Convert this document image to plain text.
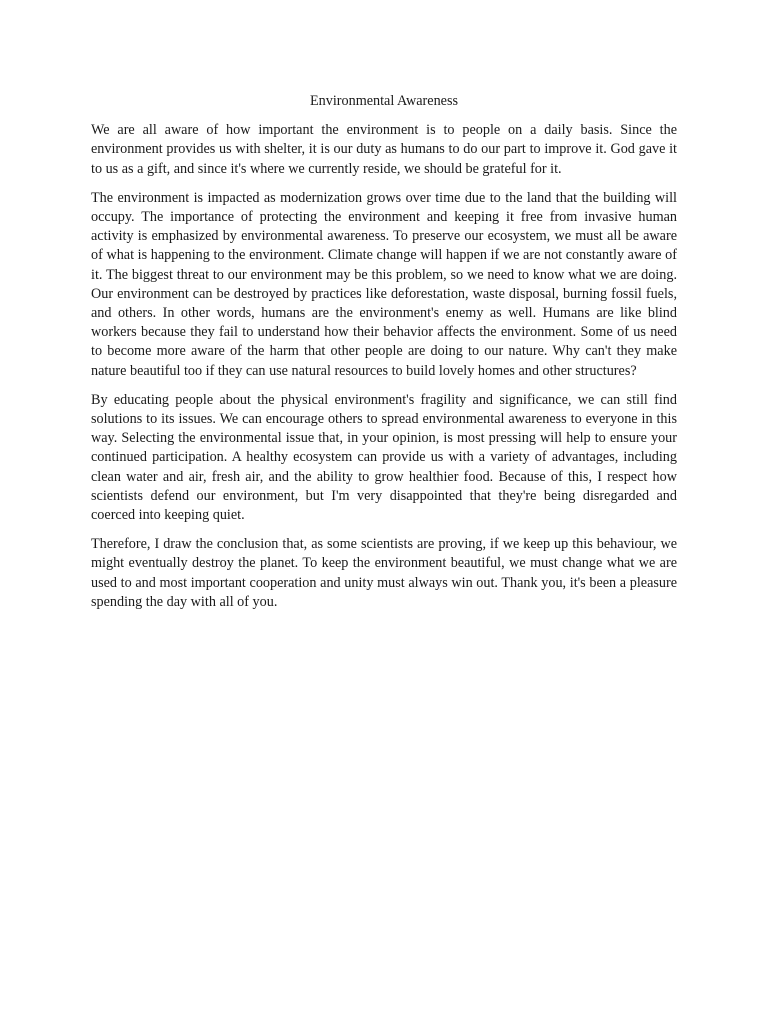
Environmental Awareness

We are all aware of how important the environment is to people on a daily basis. Since the environment provides us with shelter, it is our duty as humans to do our part to improve it. God gave it to us as a gift, and since it's where we currently reside, we should be grateful for it.

The environment is impacted as modernization grows over time due to the land that the building will occupy. The importance of protecting the environment and keeping it free from invasive human activity is emphasized by environmental awareness. To preserve our ecosystem, we must all be aware of what is happening to the environment. Climate change will happen if we are not constantly aware of it. The biggest threat to our environment may be this problem, so we need to know what we are doing. Our environment can be destroyed by practices like deforestation, waste disposal, burning fossil fuels, and others. In other words, humans are the environment's enemy as well. Humans are like blind workers because they fail to understand how their behavior affects the environment. Some of us need to become more aware of the harm that other people are doing to our nature. Why can't they make nature beautiful too if they can use natural resources to build lovely homes and other structures?

By educating people about the physical environment's fragility and significance, we can still find solutions to its issues. We can encourage others to spread environmental awareness to everyone in this way. Selecting the environmental issue that, in your opinion, is most pressing will help to ensure your continued participation. A healthy ecosystem can provide us with a variety of advantages, including clean water and air, fresh air, and the ability to grow healthier food. Because of this, I respect how scientists defend our environment, but I'm very disappointed that they're being disregarded and coerced into keeping quiet.

Therefore, I draw the conclusion that, as some scientists are proving, if we keep up this behaviour, we might eventually destroy the planet. To keep the environment beautiful, we must change what we are used to and most important cooperation and unity must always win out. Thank you, it's been a pleasure spending the day with all of you.
